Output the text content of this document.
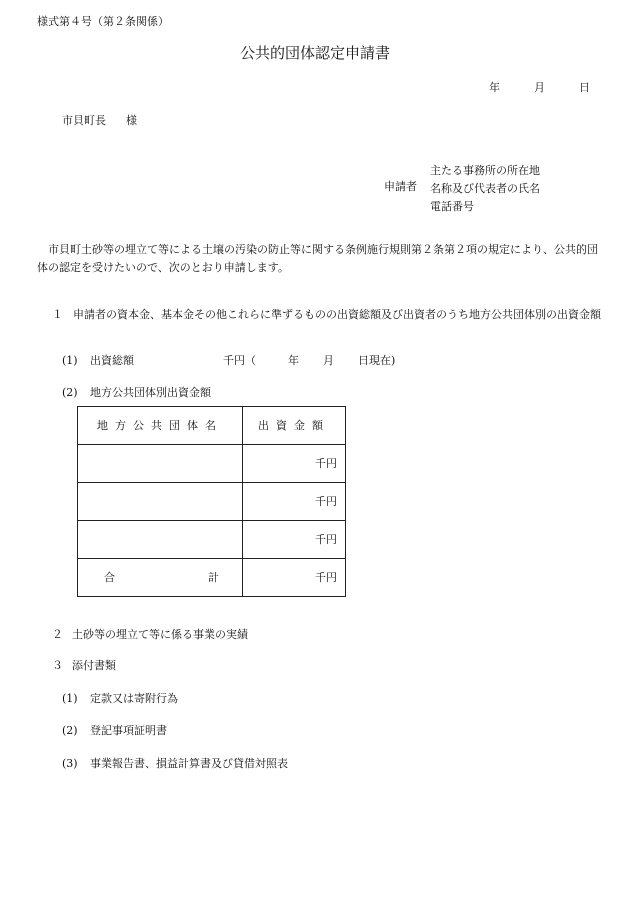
様式第４号（第２条関係）
公共的団体認定申請書
年	月	日
市貝町長 様
申請者
主たる事務所の所在地
名称及び代表者の氏名
電話番号
市貝町土砂等の埋立て等による土壌の汚染の防止等に関する条例施行規則第２条第２項の規定により、公共的団体の認定を受けたいので、次のとおり申請します。
１ 申請者の資本金、基本金その他これらに準ずるものの出資総額及び出資者のうち地方公共団体別の出資金額
(1) 出資総額	千円（	年 月 日現在)
(2) 地方公共団体別出資金額
地方公共団体名	出資金額
	千円
	千円
	千円
合 計	千円
２ 土砂等の埋立て等に係る事業の実績
３ 添付書類
(1) 定款又は寄附行為
(2) 登記事項証明書
(3) 事業報告書、損益計算書及び貸借対照表
